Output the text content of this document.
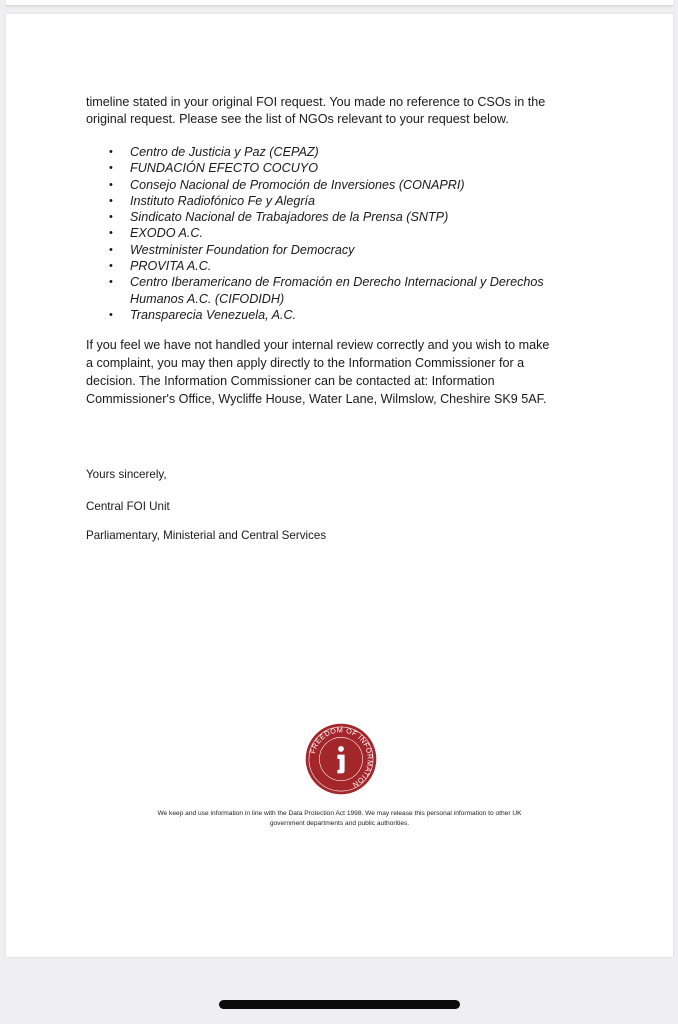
timeline stated in your original FOI request. You made no reference to CSOs in the

original request. Please see the list of NGOs relevant to your request below.

• Centro de Justicia y Paz (CEPAZ)
• FUNDACIÓN EFECTO COCUYO
• Consejo Nacional de Promoción de Inversiones (CONAPRI)
• Instituto Radiofónico Fe y Alegría
• Sindicato Nacional de Trabajadores de la Prensa (SNTP)
• EXODO A.C.
• Westminister Foundation for Democracy
• PROVITA A.C.
• Centro Iberamericano de Fromación en Derecho Internacional y Derechos
Humanos A.C. (CIFODIDH)
• Transparecia Venezuela, A.C.

If you feel we have not handled your internal review correctly and you wish to make

a complaint, you may then apply directly to the Information Commissioner for a

decision. The Information Commissioner can be contacted at: Information

Commissioner's Office, Wycliffe House, Water Lane, Wilmslow, Cheshire SK9 5AF.

Yours sincerely,
Central FOI Unit
Parliamentary, Ministerial and Central Services
FREEDOM OF INFORMATION
We keep and use information in line with the Data Protection Act 1998. We may release this personal information to other UK
government departments and public authorities.
